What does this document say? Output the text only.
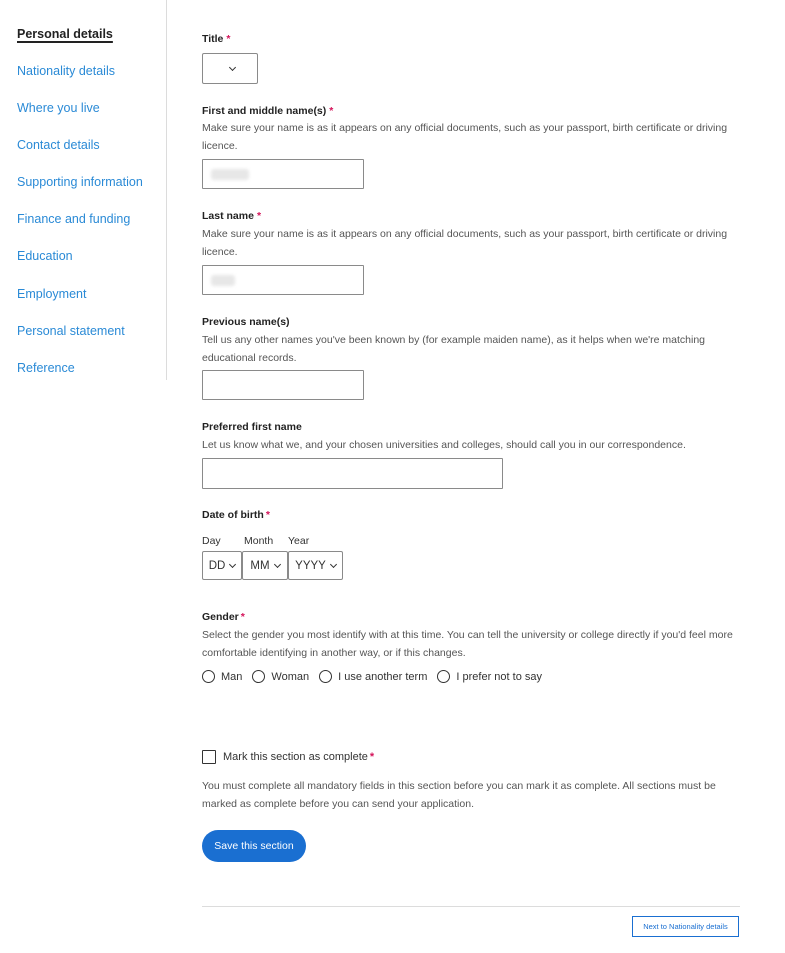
Personal details
Nationality details
Where you live
Contact details
Supporting information
Finance and funding
Education
Employment
Personal statement
Reference
Title *
First and middle name(s) *
Make sure your name is as it appears on any official documents, such as your passport, birth certificate or driving licence.
Last name *
Make sure your name is as it appears on any official documents, such as your passport, birth certificate or driving licence.
Previous name(s)
Tell us any other names you've been known by (for example maiden name), as it helps when we're matching educational records.
Preferred first name
Let us know what we, and your chosen universities and colleges, should call you in our correspondence.
Date of birth *
Day Month Year
DD MM YYYY
Gender *
Select the gender you most identify with at this time. You can tell the university or college directly if you'd feel more comfortable identifying in another way, or if this changes.
Man	Woman	I use another term	I prefer not to say
Mark this section as complete *
You must complete all mandatory fields in this section before you can mark it as complete. All sections must be marked as complete before you can send your application.
Save this section
Next to Nationality details
